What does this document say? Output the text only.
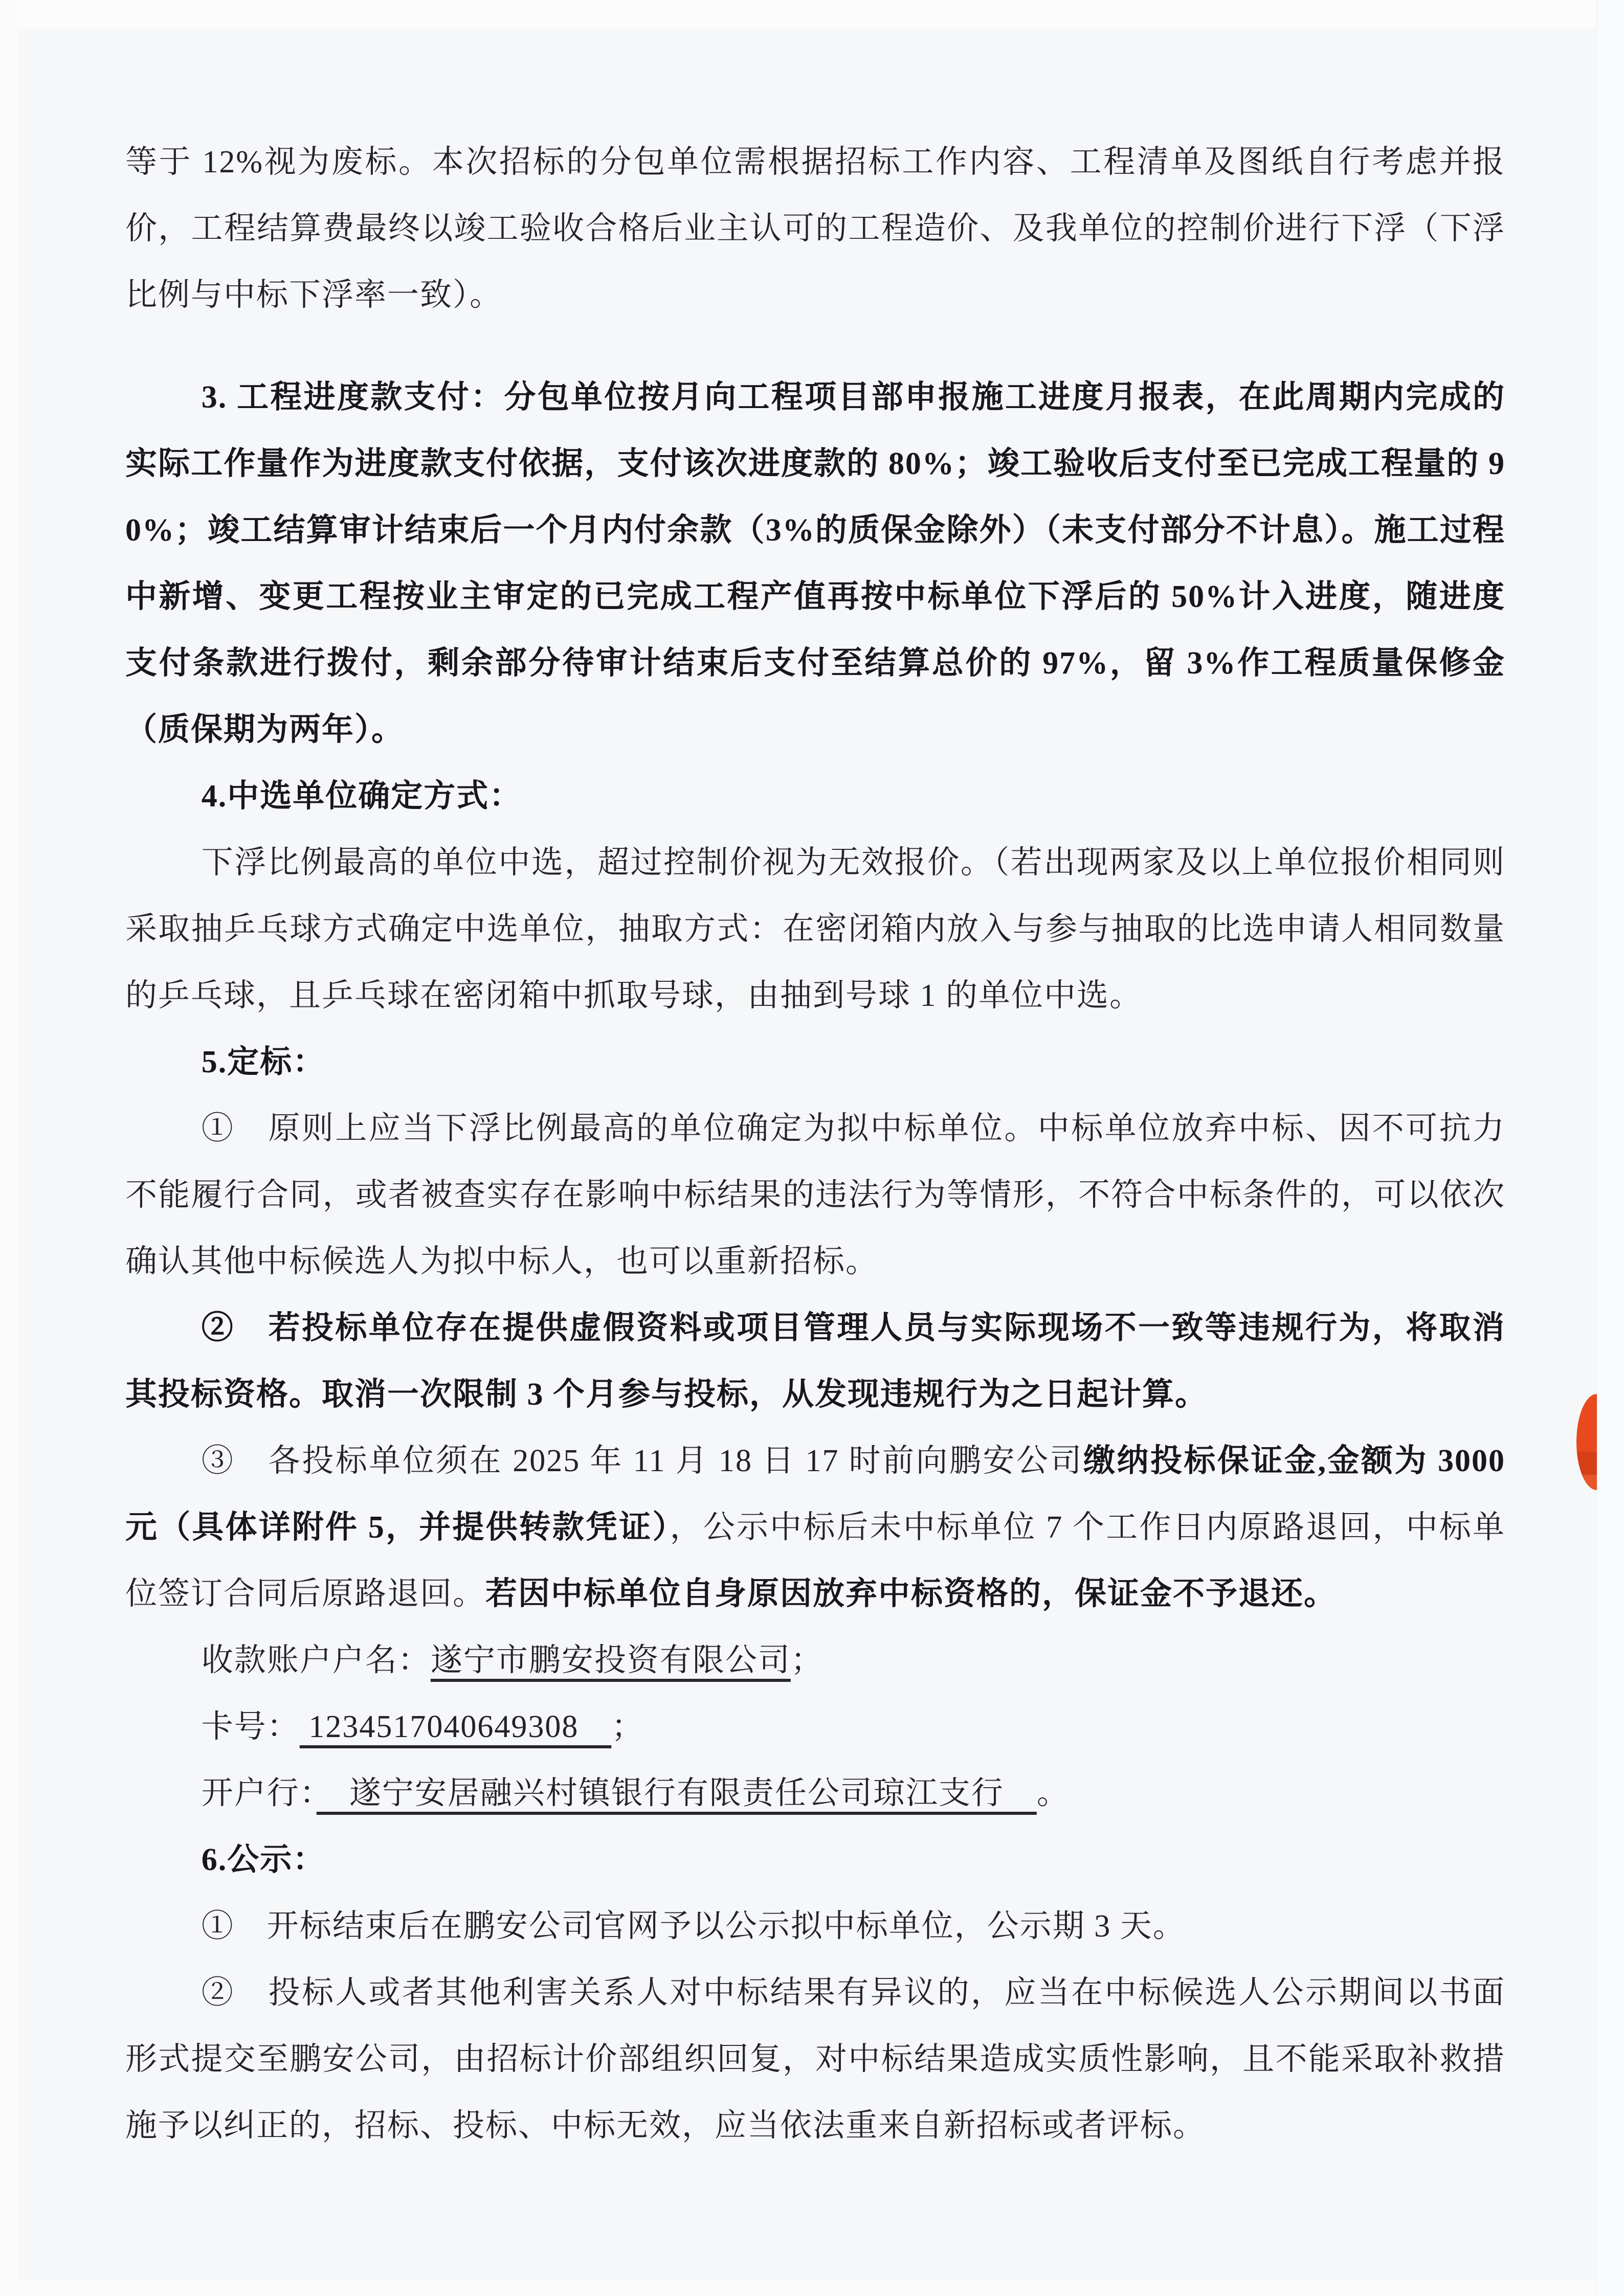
等于 12%视为废标。本次招标的分包单位需根据招标工作内容、工程清单及图纸自行考虑并报价，工程结算费最终以竣工验收合格后业主认可的工程造价、及我单位的控制价进行下浮（下浮比例与中标下浮率一致）。

3. 工程进度款支付：分包单位按月向工程项目部申报施工进度月报表，在此周期内完成的实际工作量作为进度款支付依据，支付该次进度款的 80%；竣工验收后支付至已完成工程量的 90%；竣工结算审计结束后一个月内付余款（3%的质保金除外）（未支付部分不计息）。施工过程中新增、变更工程按业主审定的已完成工程产值再按中标单位下浮后的 50%计入进度，随进度支付条款进行拨付，剩余部分待审计结束后支付至结算总价的 97%，留 3%作工程质量保修金（质保期为两年）。

4.中选单位确定方式：

下浮比例最高的单位中选，超过控制价视为无效报价。（若出现两家及以上单位报价相同则采取抽乒乓球方式确定中选单位，抽取方式：在密闭箱内放入与参与抽取的比选申请人相同数量的乒乓球，且乒乓球在密闭箱中抓取号球，由抽到号球 1 的单位中选。

5.定标：

①　原则上应当下浮比例最高的单位确定为拟中标单位。中标单位放弃中标、因不可抗力不能履行合同，或者被查实存在影响中标结果的违法行为等情形，不符合中标条件的，可以依次确认其他中标候选人为拟中标人，也可以重新招标。

②　若投标单位存在提供虚假资料或项目管理人员与实际现场不一致等违规行为，将取消其投标资格。取消一次限制 3 个月参与投标，从发现违规行为之日起计算。

③　各投标单位须在 2025 年 11 月 18 日 17 时前向鹏安公司缴纳投标保证金,金额为 3000 元（具体详附件 5，并提供转款凭证），公示中标后未中标单位 7 个工作日内原路退回，中标单位签订合同后原路退回。若因中标单位自身原因放弃中标资格的，保证金不予退还。

收款账户户名：遂宁市鹏安投资有限公司；

卡号： 1234517040649308　；

开户行：　遂宁安居融兴村镇银行有限责任公司琼江支行　。

6.公示：

①　开标结束后在鹏安公司官网予以公示拟中标单位，公示期 3 天。

②　投标人或者其他利害关系人对中标结果有异议的，应当在中标候选人公示期间以书面形式提交至鹏安公司，由招标计价部组织回复，对中标结果造成实质性影响，且不能采取补救措施予以纠正的，招标、投标、中标无效，应当依法重来自新招标或者评标。
